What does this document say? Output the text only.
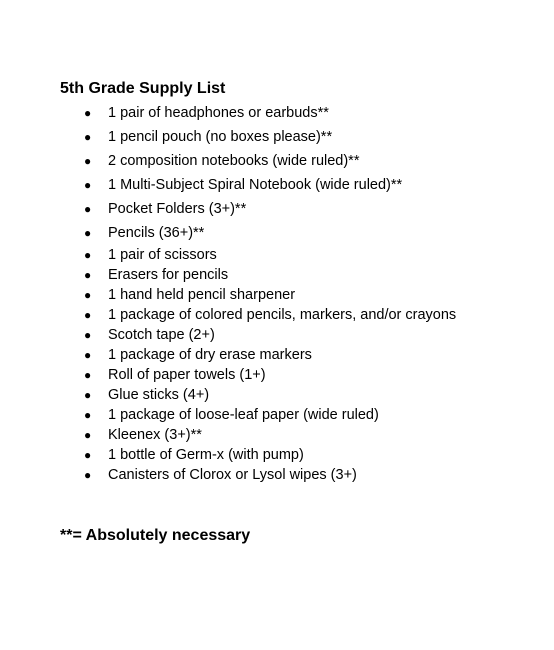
5th Grade Supply List
● 1 pair of headphones or earbuds**
● 1 pencil pouch (no boxes please)**
● 2 composition notebooks (wide ruled)**
● 1 Multi-Subject Spiral Notebook (wide ruled)**
● Pocket Folders (3+)**
● Pencils (36+)**
● 1 pair of scissors
● Erasers for pencils
● 1 hand held pencil sharpener
● 1 package of colored pencils, markers, and/or crayons
● Scotch tape (2+)
● 1 package of dry erase markers
● Roll of paper towels (1+)
● Glue sticks (4+)
● 1 package of loose-leaf paper (wide ruled)
● Kleenex (3+)**
● 1 bottle of Germ-x (with pump)
● Canisters of Clorox or Lysol wipes (3+)

**= Absolutely necessary
